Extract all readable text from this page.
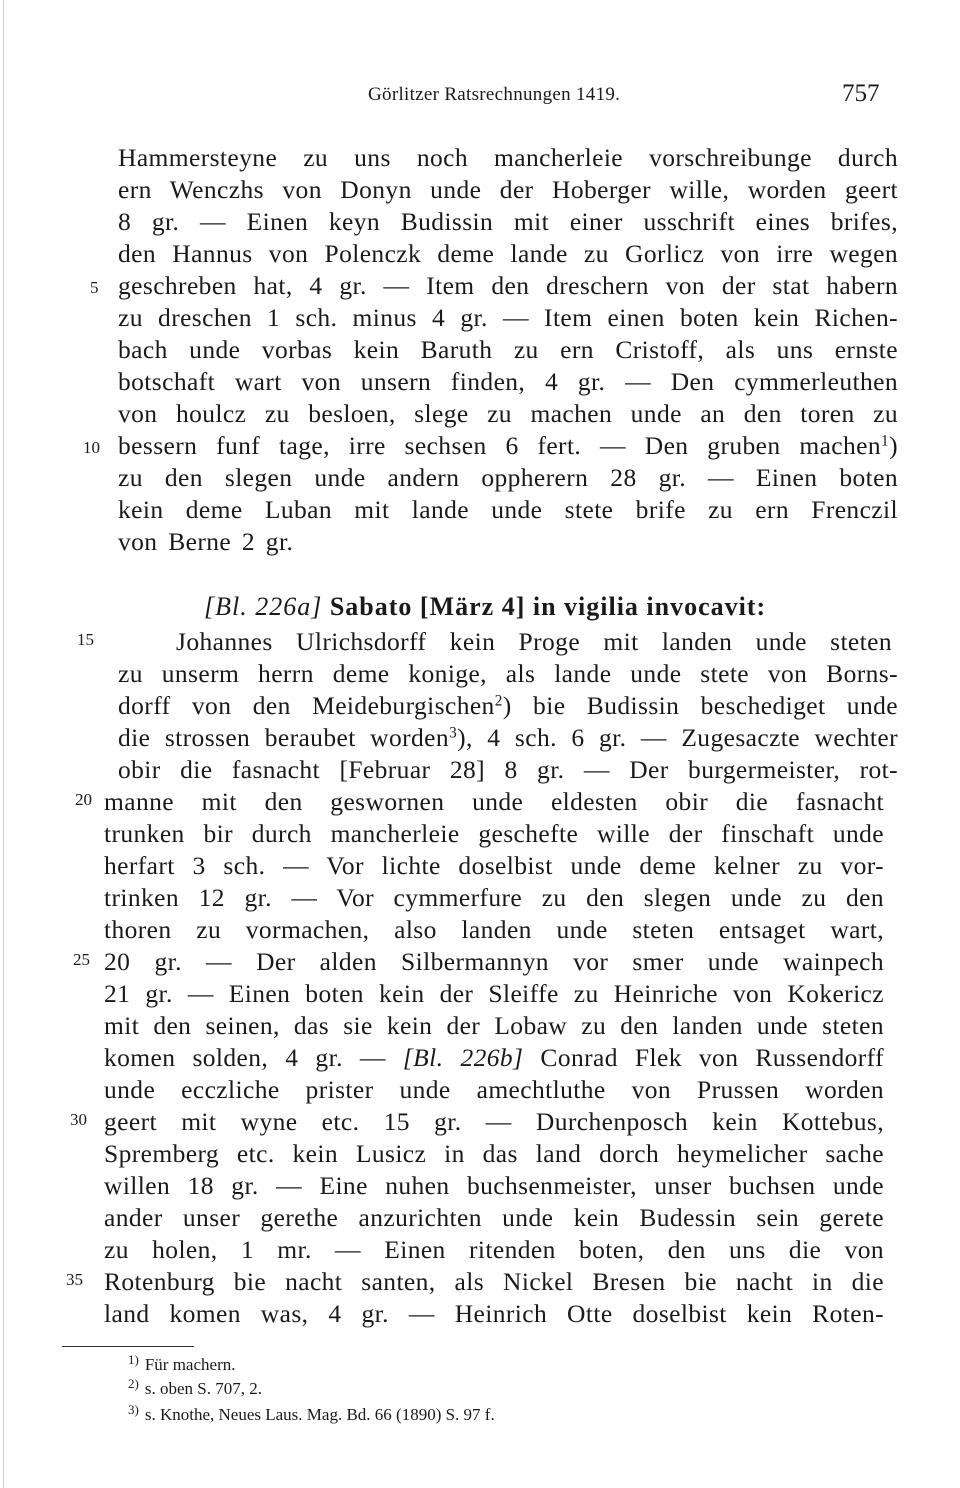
Görlitzer Ratsrechnungen 1419.	757
Hammersteyne zu uns noch mancherleie vorschreibunge durch
ern Wenczhs von Donyn unde der Hoberger wille, worden geert
8 gr. — Einen keyn Budissin mit einer usschrift eines brifes,
den Hannus von Polenczk deme lande zu Gorlicz von irre wegen
geschreben hat, 4 gr. — Item den dreschern von der stat habern
zu dreschen 1 sch. minus 4 gr. — Item einen boten kein Richen-
bach unde vorbas kein Baruth zu ern Cristoff, als uns ernste
botschaft wart von unsern finden, 4 gr. — Den cymmerleuthen
von houlcz zu besloen, slege zu machen unde an den toren zu
bessern funf tage, irre sechsen 6 fert. — Den gruben machen$^1$)
zu den slegen unde andern oppherern 28 gr. — Einen boten
kein deme Luban mit lande unde stete brife zu ern Frenczil
von Berne 2 gr.
[Bl. 226a] Sabato [März 4] in vigilia invocavit:
Johannes Ulrichsdorff kein Proge mit landen unde steten
zu unserm herrn deme konige, als lande unde stete von Borns-
dorff von den Meideburgischen$^2$) bie Budissin beschediget unde
die strossen beraubet worden$^3$), 4 sch. 6 gr. — Zugesaczte wechter
obir die fasnacht [Februar 28] 8 gr. — Der burgermeister, rot-
manne mit den geswornen unde eldesten obir die fasnacht
trunken bir durch mancherleie geschefte wille der finschaft unde
herfart 3 sch. — Vor lichte doselbist unde deme kelner zu vor-
trinken 12 gr. — Vor cymmerfure zu den slegen unde zu den
thoren zu vormachen, also landen unde steten entsaget wart,
20 gr. — Der alden Silbermannyn vor smer unde wainpech
21 gr. — Einen boten kein der Sleiffe zu Heinriche von Kokericz
mit den seinen, das sie kein der Lobaw zu den landen unde steten
komen solden, 4 gr. — [Bl. 226b] Conrad Flek von Russendorff
unde ecczliche prister unde amechtluthe von Prussen worden
geert mit wyne etc. 15 gr. — Durchenposch kein Kottebus,
Spremberg etc. kein Lusicz in das land dorch heymelicher sache
willen 18 gr. — Eine nuhen buchsenmeister, unser buchsen unde
ander unser gerethe anzurichten unde kein Budessin sein gerete
zu holen, 1 mr. — Einen ritenden boten, den uns die von
Rotenburg bie nacht santen, als Nickel Bresen bie nacht in die
land komen was, 4 gr. — Heinrich Otte doselbist kein Roten-
5
10
15
20
25
30
35
$^{1)}$ Für machern.
$^{2)}$ s. oben S. 707, 2.
$^{3)}$ s. Knothe, Neues Laus. Mag. Bd. 66 (1890) S. 97 f.
